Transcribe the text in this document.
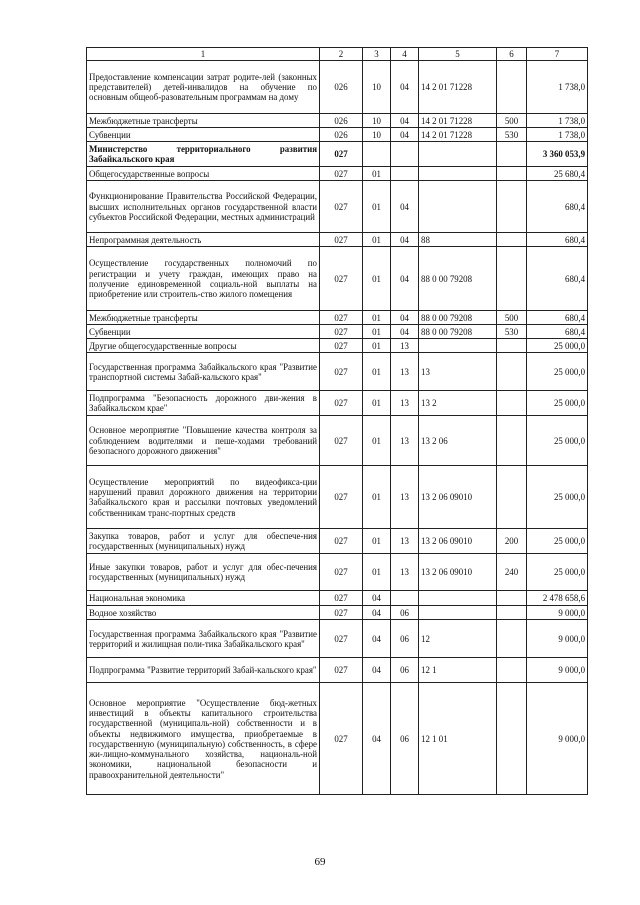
1	2	3	4	5	6	7
Предоставление компенсации затрат родите-лей (законных представителей) детей-инвалидов на обучение по основным общеоб-разовательным программам на дому	026	10	04	14 2 01 71228		1 738,0
Межбюджетные трансферты	026	10	04	14 2 01 71228	500	1 738,0
Субвенции	026	10	04	14 2 01 71228	530	1 738,0
Министерство территориального развития Забайкальского края	027					3 360 053,9
Общегосударственные вопросы	027	01				25 680,4
Функционирование Правительства Российской Федерации, высших исполнительных органов государственной власти субъектов Российской Федерации, местных администраций	027	01	04			680,4
Непрограммная деятельность	027	01	04	88		680,4
Осуществление государственных полномочий по регистрации и учету граждан, имеющих право на получение единовременной социаль-ной выплаты на приобретение или строитель-ство жилого помещения	027	01	04	88 0 00 79208		680,4
Межбюджетные трансферты	027	01	04	88 0 00 79208	500	680,4
Субвенции	027	01	04	88 0 00 79208	530	680,4
Другие общегосударственные вопросы	027	01	13			25 000,0
Государственная программа Забайкальского края "Развитие транспортной системы Забай-кальского края"	027	01	13	13		25 000,0
Подпрограмма "Безопасность дорожного дви-жения в Забайкальском крае"	027	01	13	13 2		25 000,0
Основное мероприятие "Повышение качества контроля за соблюдением водителями и пеше-ходами требований безопасного дорожного движения"	027	01	13	13 2 06		25 000,0
Осуществление мероприятий по видеофикса-ции нарушений правил дорожного движения на территории Забайкальского края и рассылки почтовых уведомлений собственникам транс-портных средств	027	01	13	13 2 06 09010		25 000,0
Закупка товаров, работ и услуг для обеспече-ния государственных (муниципальных) нужд	027	01	13	13 2 06 09010	200	25 000,0
Иные закупки товаров, работ и услуг для обес-печения государственных (муниципальных) нужд	027	01	13	13 2 06 09010	240	25 000,0
Национальная экономика	027	04				2 478 658,6
Водное хозяйство	027	04	06			9 000,0
Государственная программа Забайкальского края "Развитие территорий и жилищная поли-тика Забайкальского края"	027	04	06	12		9 000,0
Подпрограмма "Развитие территорий Забай-кальского края"	027	04	06	12 1		9 000,0
Основное мероприятие "Осуществление бюд-жетных инвестиций в объекты капитального строительства государственной (муниципаль-ной) собственности и в объекты недвижимого имущества, приобретаемые в государственную (муниципальную) собственность, в сфере жи-лищно-коммунального хозяйства, националь-ной экономики, национальной безопасности и правоохранительной деятельности"	027	04	06	12 1 01		9 000,0
69
